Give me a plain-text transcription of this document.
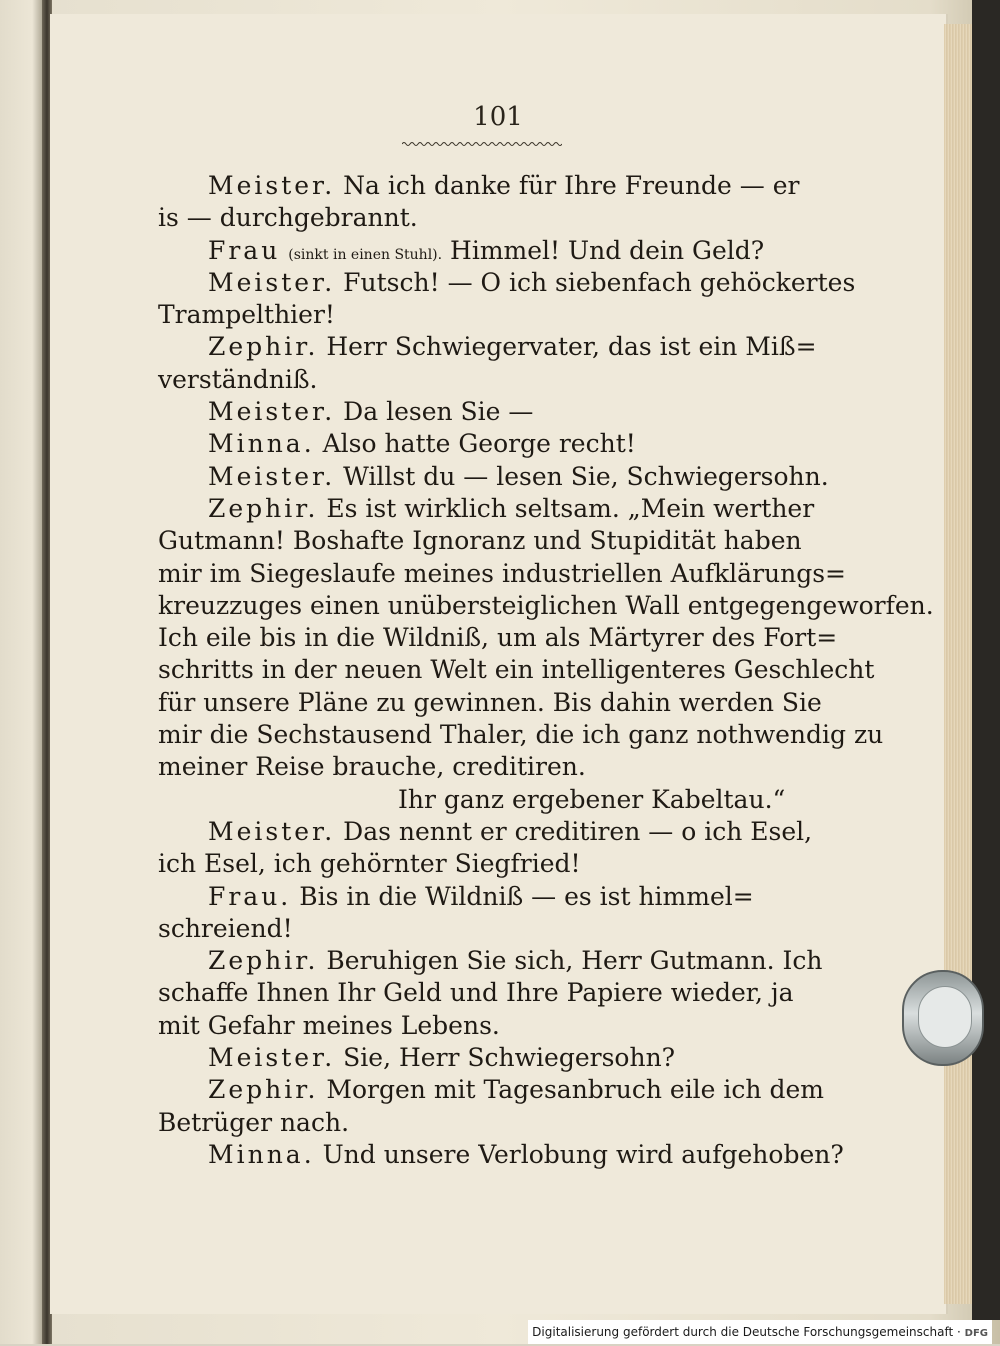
101
Meister. Na ich danke für Ihre Freunde — er
is — durchgebrannt.
Frau (sinkt in einen Stuhl). Himmel! Und dein Geld?
Meister. Futsch! — O ich siebenfach gehöckertes
Trampelthier!
Zephir. Herr Schwiegervater, das ist ein Miß=
verständniß.
Meister. Da lesen Sie —
Minna. Also hatte George recht!
Meister. Willst du — lesen Sie, Schwiegersohn.
Zephir. Es ist wirklich seltsam. „Mein werther
Gutmann! Boshafte Ignoranz und Stupidität haben
mir im Siegeslaufe meines industriellen Aufklärungs=
kreuzzuges einen unübersteiglichen Wall entgegengeworfen.
Ich eile bis in die Wildniß, um als Märtyrer des Fort=
schritts in der neuen Welt ein intelligenteres Geschlecht
für unsere Pläne zu gewinnen. Bis dahin werden Sie
mir die Sechstausend Thaler, die ich ganz nothwendig zu
meiner Reise brauche, creditiren.
Ihr ganz ergebener Kabeltau.“
Meister. Das nennt er creditiren — o ich Esel,
ich Esel, ich gehörnter Siegfried!
Frau. Bis in die Wildniß — es ist himmel=
schreiend!
Zephir. Beruhigen Sie sich, Herr Gutmann. Ich
schaffe Ihnen Ihr Geld und Ihre Papiere wieder, ja
mit Gefahr meines Lebens.
Meister. Sie, Herr Schwiegersohn?
Zephir. Morgen mit Tagesanbruch eile ich dem
Betrüger nach.
Minna. Und unsere Verlobung wird aufgehoben?
Digitalisierung gefördert durch die Deutsche Forschungsgemeinschaft · DFG
